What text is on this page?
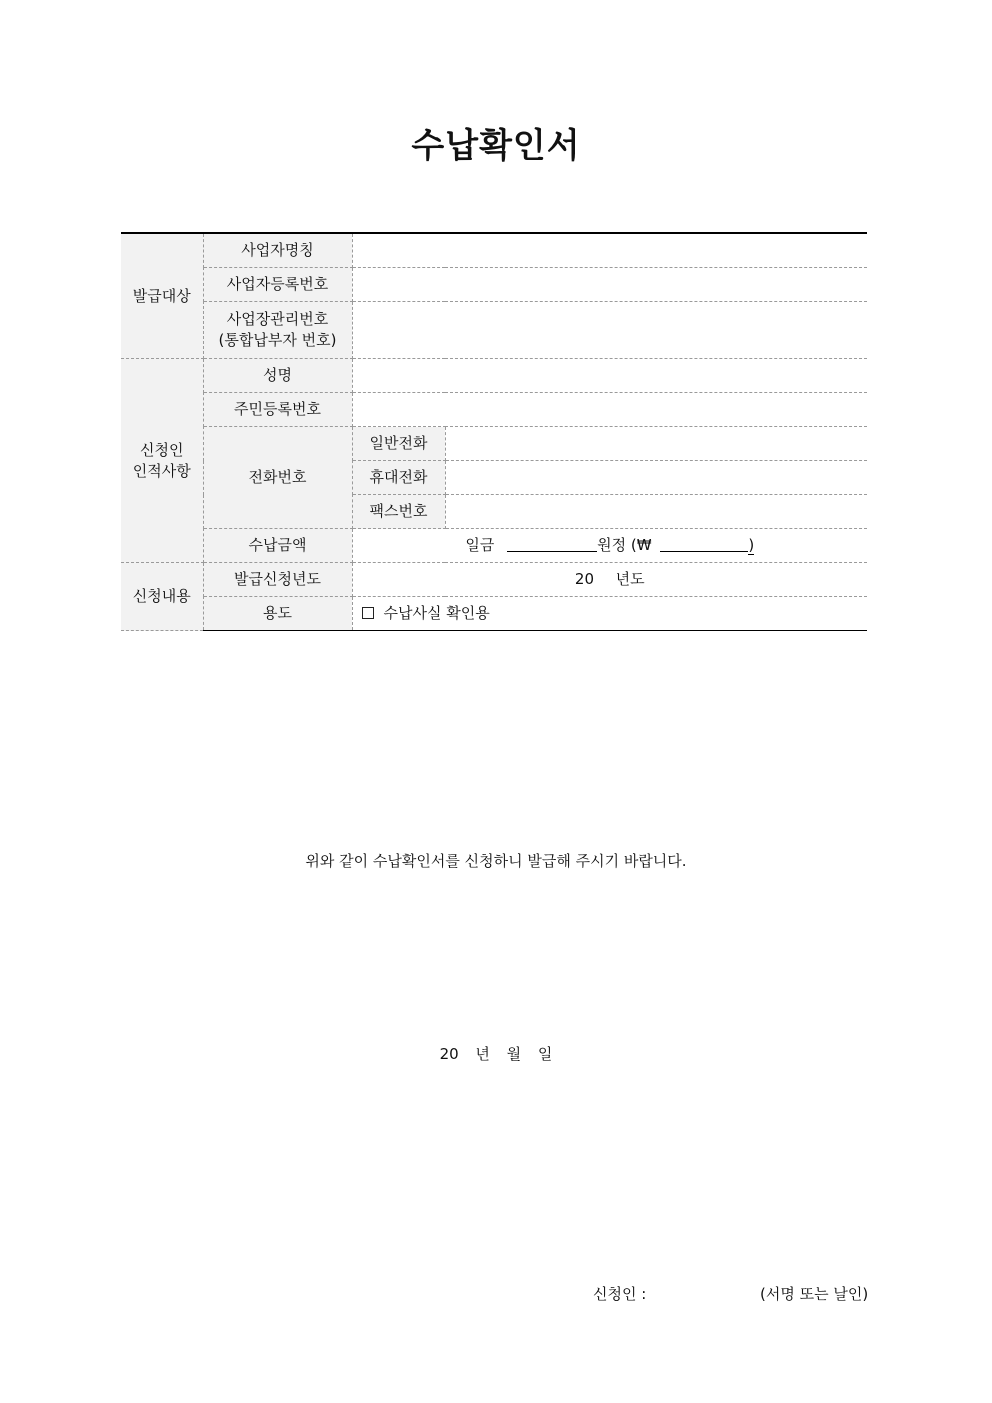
수납확인서
발급대상	사업자명칭		
	사업자등록번호		

	사업장관리번호
(통합납부자 번호)		

신청인
인적사항	성명		
	주민등록번호		
	전화번호	일반전화	
		휴대전화	
		팩스번호	
	수납금액	일금 원정 (₩ )	
신청내용	발급신청년도	20 년도	
	용도	수납사실 확인용	
위와 같이 수납확인서를 신청하니 발급해 주시기 바랍니다.
20 년 월 일
신청인 :	(서명 또는 날인)
